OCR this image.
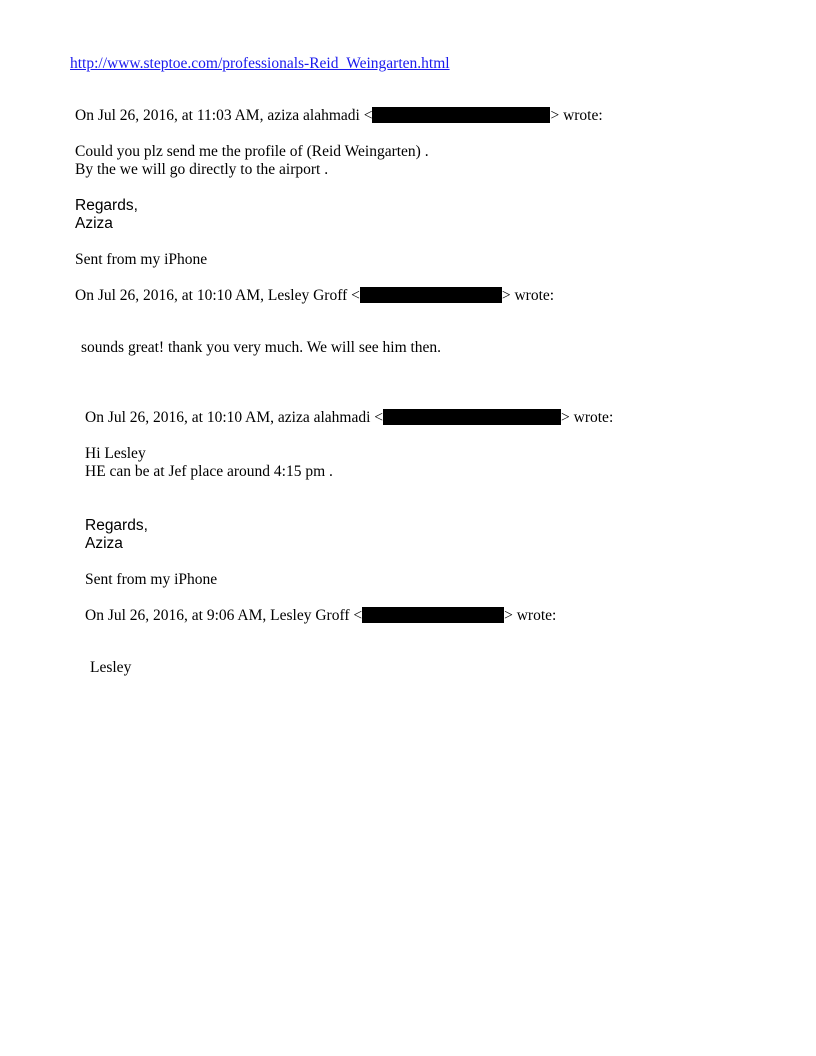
http://www.steptoe.com/professionals-Reid_Weingarten.html
On Jul 26, 2016, at 11:03 AM, aziza alahmadi <	> wrote:
Could you plz send me the profile of (Reid Weingarten) .
By the we will go directly to the airport .
Regards,
Aziza
Sent from my iPhone
On Jul 26, 2016, at 10:10 AM, Lesley Groff <	> wrote:
sounds great! thank you very much. We will see him then.
On Jul 26, 2016, at 10:10 AM, aziza alahmadi <	> wrote:
Hi Lesley
HE can be at Jef place around 4:15 pm .
Regards,
Aziza
Sent from my iPhone
On Jul 26, 2016, at 9:06 AM, Lesley Groff <	> wrote:
Lesley
